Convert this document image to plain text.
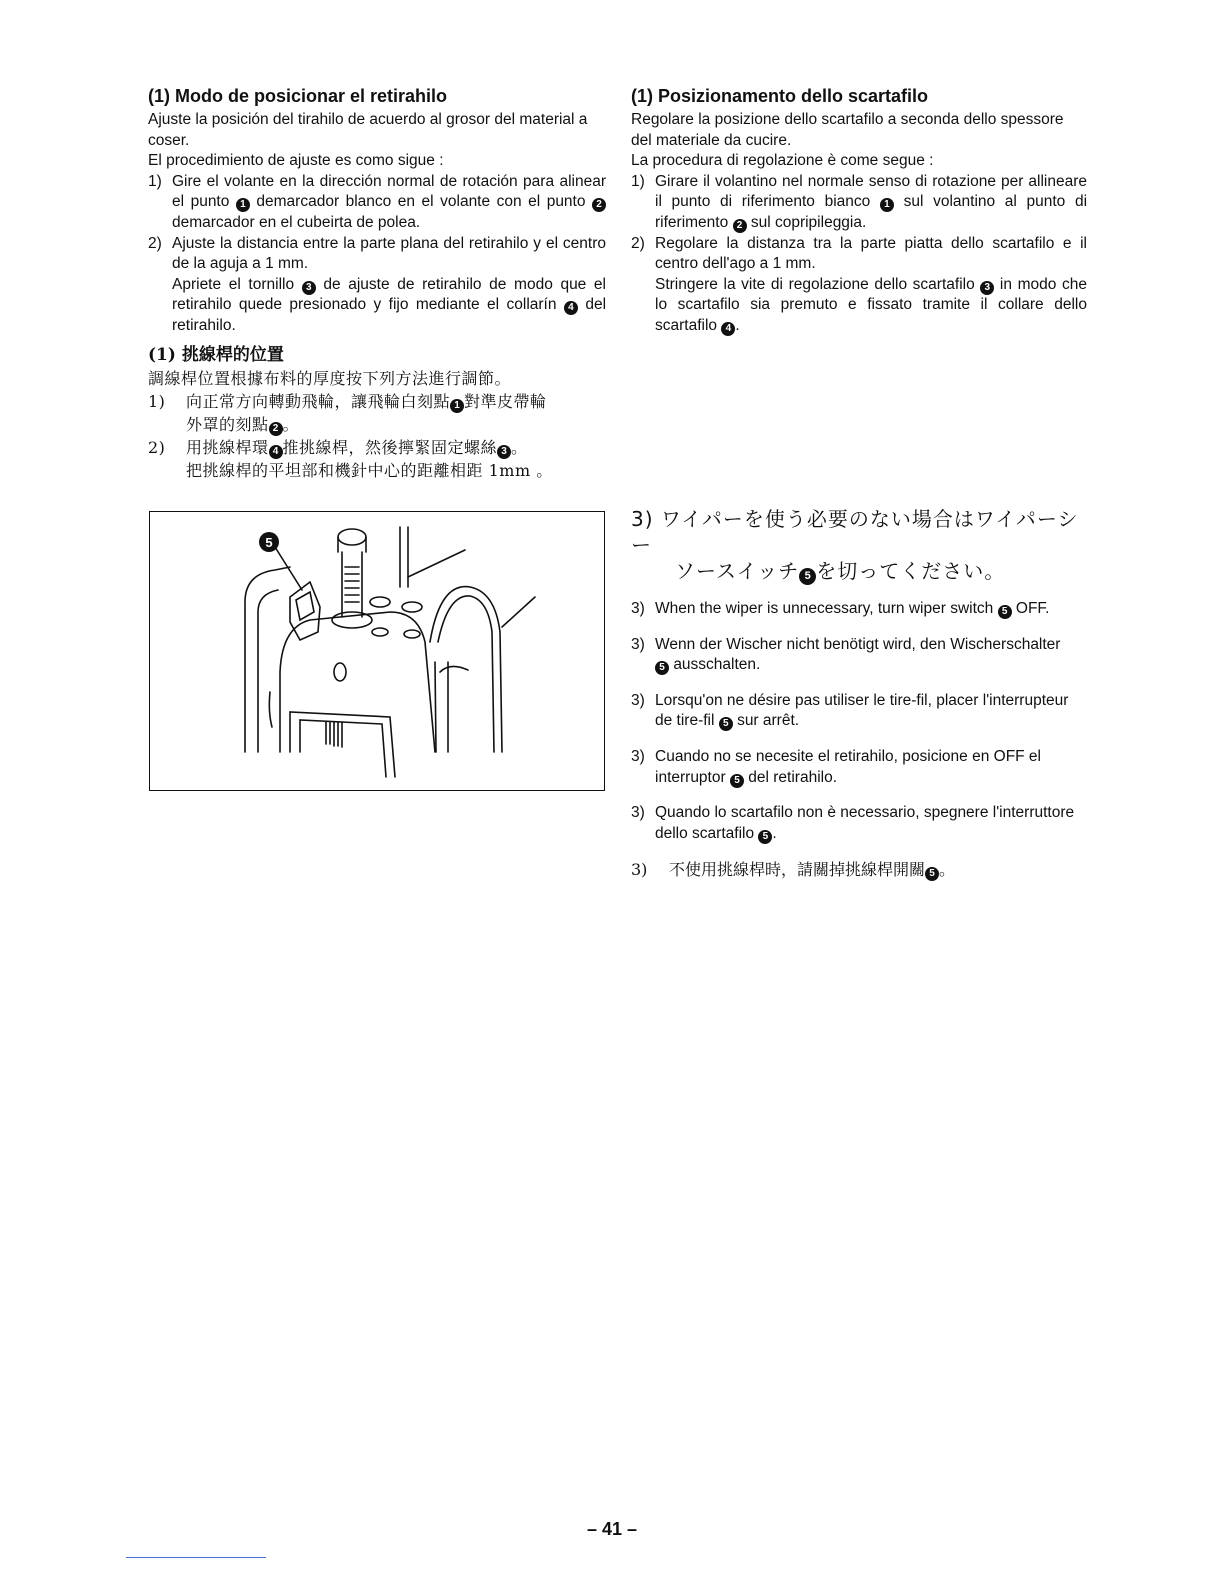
(1) Modo de posicionar el retirahilo

Ajuste la posición del tirahilo de acuerdo al grosor del material a coser.

El procedimiento de ajuste es como sigue :

1) Gire el volante en la dirección normal de rotación para alinear el punto 1 demarcador blanco en el volante con el punto 2 demarcador en el cubeirta de polea.
2) Ajuste la distancia entre la parte plana del retirahilo y el centro de la aguja a 1 mm.
Apriete el tornillo 3 de ajuste de retirahilo de modo que el retirahilo quede presionado y fijo mediante el collarín 4 del retirahilo.

(1) 挑線桿的位置

調線桿位置根據布料的厚度按下列方法進行調節。

1) 向正常方向轉動飛輪，讓飛輪白刻點 1 對準皮帶輪
外罩的刻點 2 。
2) 用挑線桿環 4 推挑線桿，然後擰緊固定螺絲 3 。
把挑線桿的平坦部和機針中心的距離相距 1mm 。

(1) Posizionamento dello scartafilo

Regolare la posizione dello scartafilo a seconda dello spessore del materiale da cucire.

La procedura di regolazione è come segue :

1) Girare il volantino nel normale senso di rotazione per allineare il punto di riferimento bianco 1 sul volantino al punto di riferimento 2 sul copripileggia.
2) Regolare la distanza tra la parte piatta dello scartafilo e il centro dell'ago a 1 mm.
Stringere la vite di regolazione dello scartafilo 3 in modo che lo scartafilo sia premuto e fissato tramite il collare dello scartafilo 4 .
5
3) ワイパーを使う必要のない場合はワイパーシー
ソースイッチ 5 を切ってください。
3) When the wiper is unnecessary, turn wiper switch 5 OFF.
3) Wenn der Wischer nicht benötigt wird, den Wischerschalter
5 ausschalten.
3) Lorsqu'on ne désire pas utiliser le tire-fil, placer l'interrupteur de tire-fil 5 sur arrêt.
3) Cuando no se necesite el retirahilo, posicione en OFF el interruptor 5 del retirahilo.
3) Quando lo scartafilo non è necessario, spegnere l'interruttore dello scartafilo 5 .
3) 不使用挑線桿時，請關掉挑線桿開關 5 。
– 41 –
